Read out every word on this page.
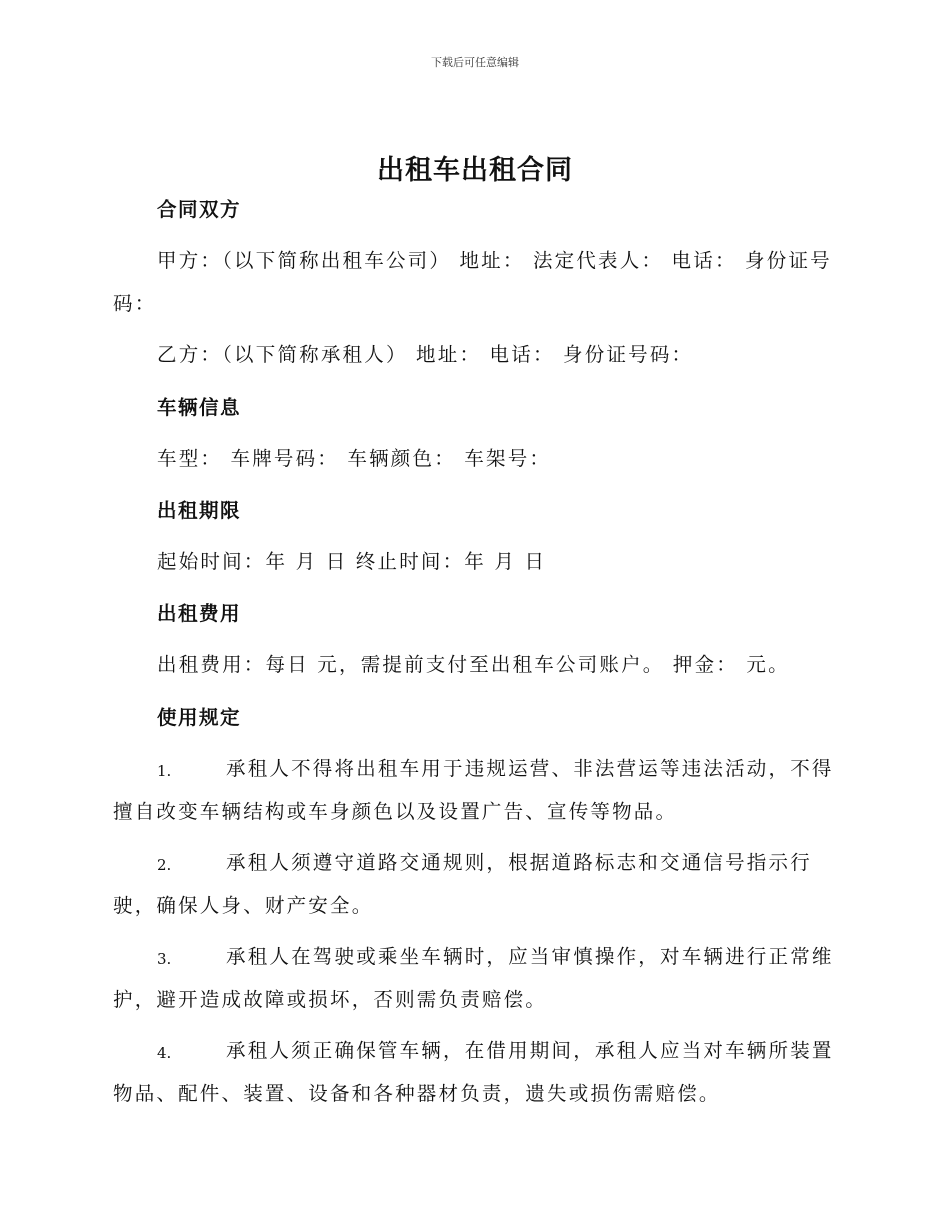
下载后可任意编辑
出租车出租合同
合同双方
甲方：（以下简称出租车公司） 地址： 法定代表人： 电话： 身份证号
码：
乙方：（以下简称承租人） 地址： 电话： 身份证号码：
车辆信息
车型： 车牌号码： 车辆颜色： 车架号：
出租期限
起始时间：年 月 日 终止时间：年 月 日
出租费用
出租费用：每日 元，需提前支付至出租车公司账户。 押金： 元。
使用规定
1.	承租人不得将出租车用于违规运营、非法营运等违法活动，不得
擅自改变车辆结构或车身颜色以及设置广告、宣传等物品。
2.	承租人须遵守道路交通规则，根据道路标志和交通信号指示行
驶，确保人身、财产安全。
3.	承租人在驾驶或乘坐车辆时，应当审慎操作，对车辆进行正常维
护，避开造成故障或损坏，否则需负责赔偿。
4.	承租人须正确保管车辆，在借用期间，承租人应当对车辆所装置
物品、配件、装置、设备和各种器材负责，遗失或损伤需赔偿。
